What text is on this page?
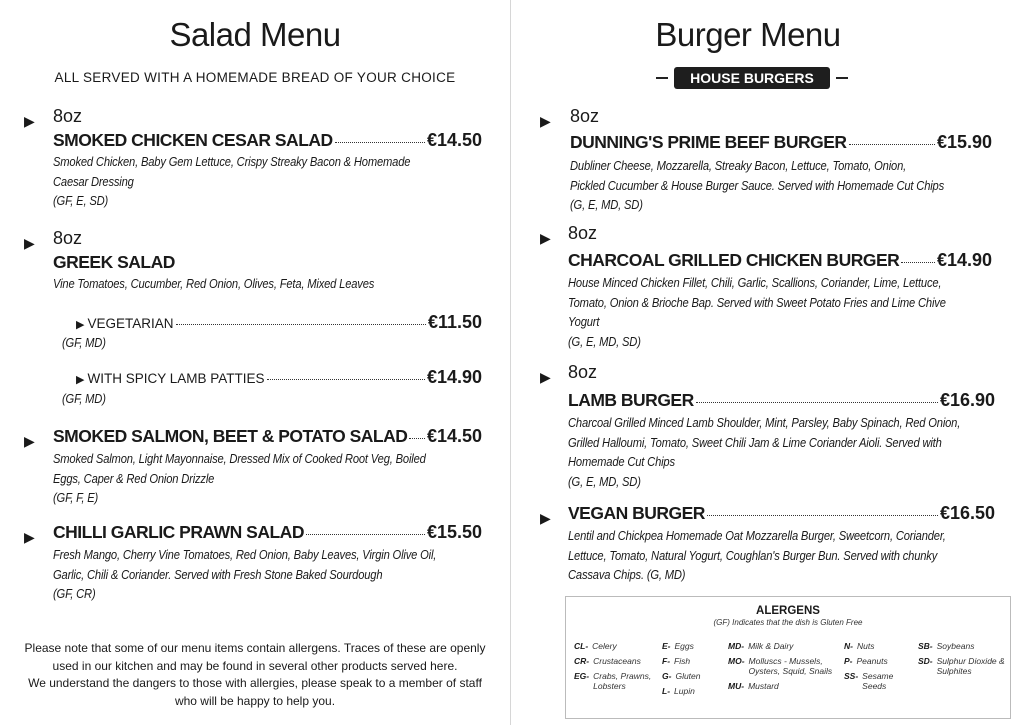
Salad Menu
ALL SERVED WITH A HOMEMADE BREAD OF YOUR CHOICE
Burger Menu
HOUSE BURGERS
▶ 8oz
SMOKED CHICKEN CESAR SALAD	€14.50
Smoked Chicken, Baby Gem Lettuce, Crispy Streaky Bacon & Homemade
Caesar Dressing
(GF, E, SD)
▶ 8oz
GREEK SALAD
Vine Tomatoes, Cucumber, Red Onion, Olives, Feta, Mixed Leaves
▶ VEGETARIAN	€11.50
(GF, MD)
▶ WITH SPICY LAMB PATTIES	€14.90
(GF, MD)
▶ SMOKED SALMON, BEET & POTATO SALAD €14.50
Smoked Salmon, Light Mayonnaise, Dressed Mix of Cooked Root Veg, Boiled
Eggs, Caper & Red Onion Drizzle
(GF, F, E)
▶ CHILLI GARLIC PRAWN SALAD	€15.50
Fresh Mango, Cherry Vine Tomatoes, Red Onion, Baby Leaves, Virgin Olive Oil,
Garlic, Chili & Coriander. Served with Fresh Stone Baked Sourdough
(GF, CR)
▶ 8oz
DUNNING'S PRIME BEEF BURGER	€15.90
Dubliner Cheese, Mozzarella, Streaky Bacon, Lettuce, Tomato, Onion,
Pickled Cucumber & House Burger Sauce. Served with Homemade Cut Chips
(G, E, MD, SD)
▶ 8oz
CHARCOAL GRILLED CHICKEN BURGER €14.90
House Minced Chicken Fillet, Chili, Garlic, Scallions, Coriander, Lime, Lettuce,
Tomato, Onion & Brioche Bap. Served with Sweet Potato Fries and Lime Chive
Yogurt
(G, E, MD, SD)
▶ 8oz
LAMB BURGER	€16.90
Charcoal Grilled Minced Lamb Shoulder, Mint, Parsley, Baby Spinach, Red Onion,
Grilled Halloumi, Tomato, Sweet Chili Jam & Lime Coriander Aioli. Served with
Homemade Cut Chips
(G, E, MD, SD)
▶ VEGAN BURGER	€16.50
Lentil and Chickpea Homemade Oat Mozzarella Burger, Sweetcorn, Coriander,
Lettuce, Tomato, Natural Yogurt, Coughlan's Burger Bun. Served with chunky
Cassava Chips. (G, MD)
Please note that some of our menu items contain allergens. Traces of these are openly
used in our kitchen and may be found in several other products served here.
We understand the dangers to those with allergies, please speak to a member of staff
who will be happy to help you.
ALERGENS
(GF) Indicates that the dish is Gluten Free
CL- Celery
CR- Crustaceans
EG- Crabs, Prawns, Lobsters
E- Eggs
F- Fish
G- Gluten
L- Lupin
MD- Milk & Dairy
MO- Molluscs - Mussels, Oysters, Squid, Snails
MU- Mustard
N- Nuts
P- Peanuts
SS- Sesame Seeds
SB- Soybeans
SD- Sulphur Dioxide & Sulphites
